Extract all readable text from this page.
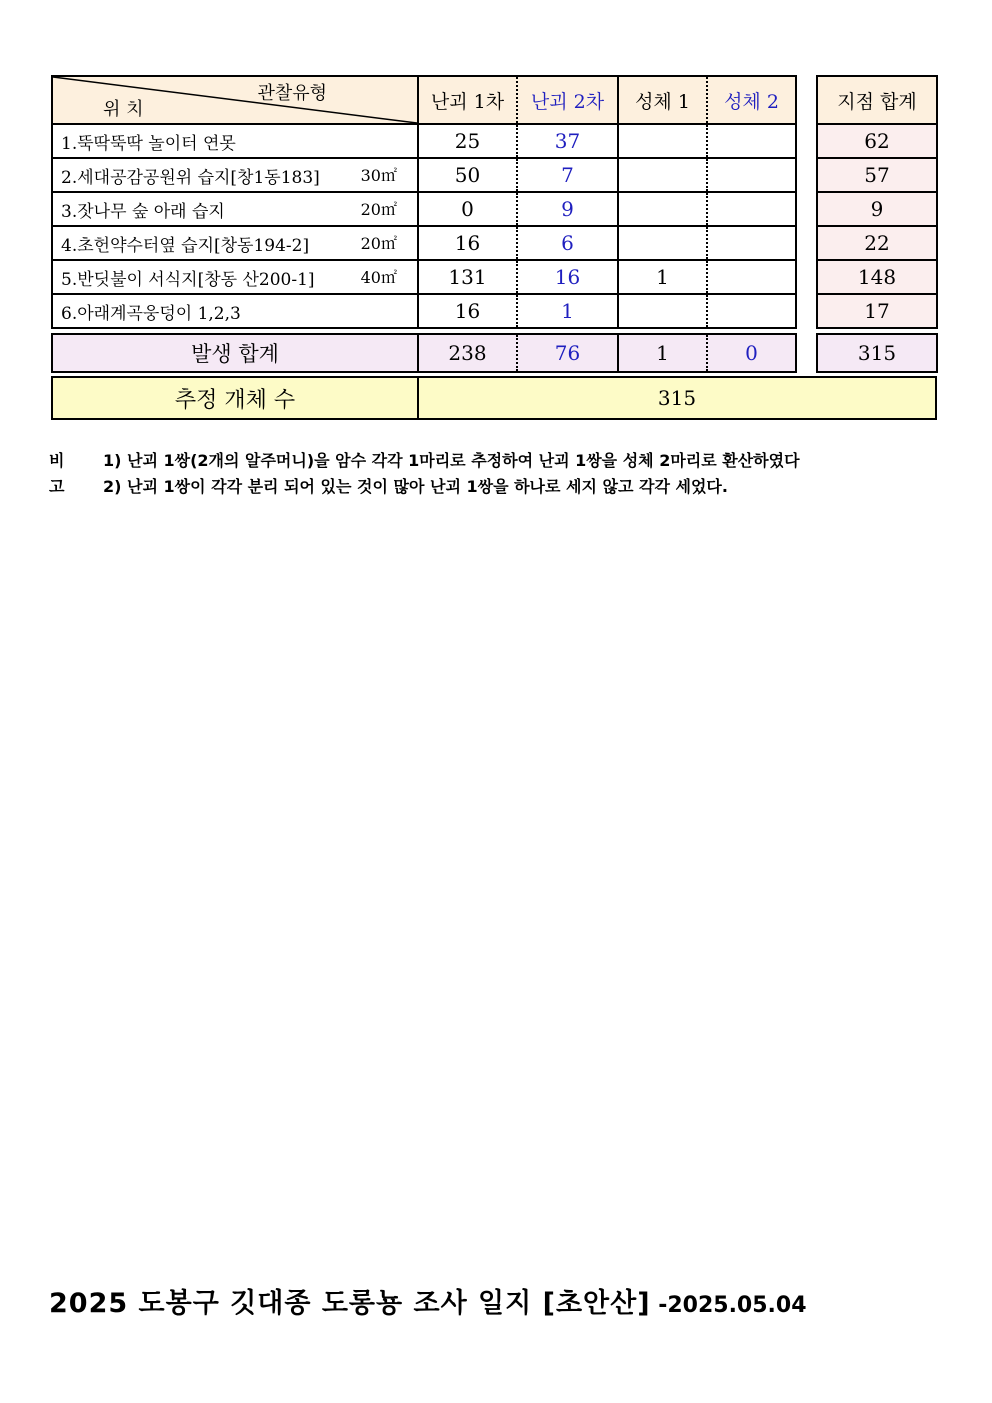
관찰유형
위 치	난괴 1차	난괴 2차	성체 1	성체 2		지점 합계
1.뚝딱뚝딱 놀이터 연못	25	37				62
2.세대공감공원위 습지[창1동183] 30㎡	50	7				57
3.잣나무 숲 아래 습지 20㎡	0	9				9
4.초헌약수터옆 습지[창동194-2] 20㎡	16	6				22
5.반딧불이 서식지[창동 산200-1] 40㎡	131	16	1			148
6.아래계곡웅덩이 1,2,3	16	1				17

발생 합계	238	76	1	0		315
추정 개체 수	315
비고
1) 난괴 1쌍(2개의 알주머니)을 암수 각각 1마리로 추정하여 난괴 1쌍을 성체 2마리로 환산하였다
2) 난괴 1쌍이 각각 분리 되어 있는 것이 많아 난괴 1쌍을 하나로 세지 않고 각각 세었다.
2025 도봉구 깃대종 도롱뇽 조사 일지 [초안산] -2025.05.04
